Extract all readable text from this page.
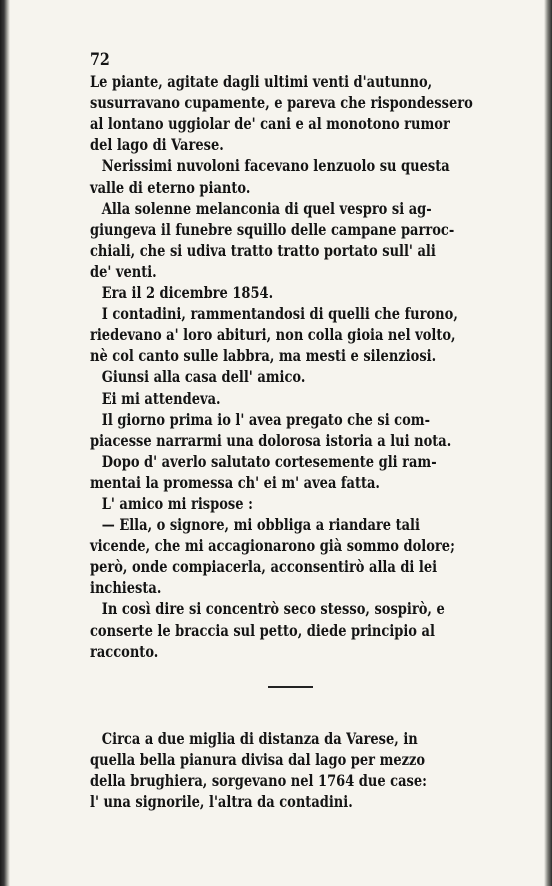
72
Le piante, agitate dagli ultimi venti d'autunno,
susurravano cupamente, e pareva che rispondessero
al lontano uggiolar de' cani e al monotono rumor
del lago di Varese.
Nerissimi nuvoloni facevano lenzuolo su questa
valle di eterno pianto.
Alla solenne melanconia di quel vespro si ag-
giungeva il funebre squillo delle campane parroc-
chiali, che si udiva tratto tratto portato sull' ali
de' venti.
Era il 2 dicembre 1854.
I contadini, rammentandosi di quelli che furono,
riedevano a' loro abituri, non colla gioia nel volto,
nè col canto sulle labbra, ma mesti e silenziosi.
Giunsi alla casa dell' amico.
Ei mi attendeva.
Il giorno prima io l' avea pregato che si com-
piacesse narrarmi una dolorosa istoria a lui nota.
Dopo d' averlo salutato cortesemente gli ram-
mentai la promessa ch' ei m' avea fatta.
L' amico mi rispose :
— Ella, o signore, mi obbliga a riandare tali
vicende, che mi accagionarono già sommo dolore;
però, onde compiacerla, acconsentirò alla di lei
inchiesta.
In così dire si concentrò seco stesso, sospirò, e
conserte le braccia sul petto, diede principio al
racconto.
Circa a due miglia di distanza da Varese, in
quella bella pianura divisa dal lago per mezzo
della brughiera, sorgevano nel 1764 due case:
l' una signorile, l'altra da contadini.
